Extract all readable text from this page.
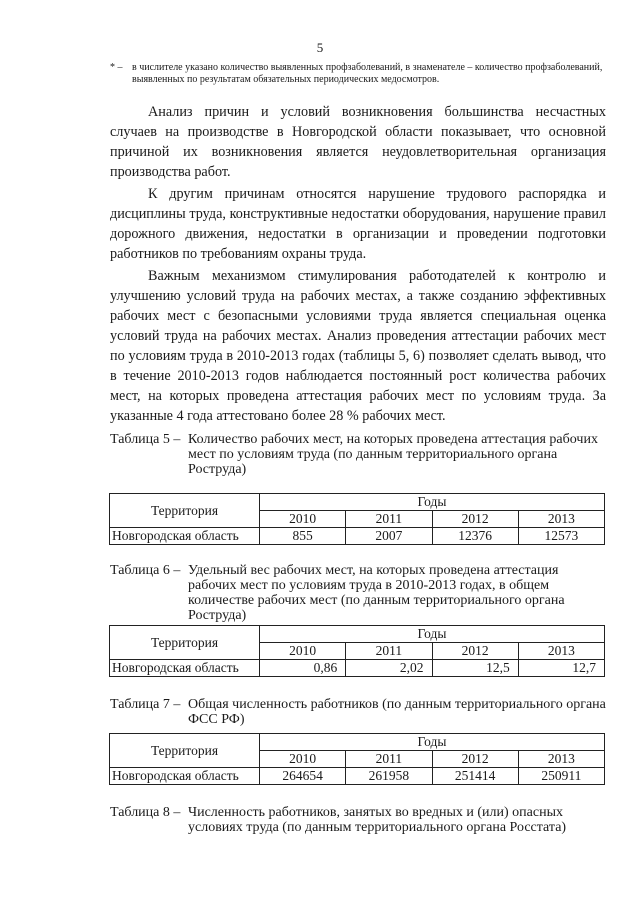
5
* – в числителе указано количество выявленных профзаболеваний, в знаменателе – количество профзаболеваний, выявленных по результатам обязательных периодических медосмотров.

Анализ причин и условий возникновения большинства несчастных случаев на производстве в Новгородской области показывает, что основной причиной их возникновения является неудовлетворительная организация производства работ.

К другим причинам относятся нарушение трудового распорядка и дисциплины труда, конструктивные недостатки оборудования, нарушение правил дорожного движения, недостатки в организации и проведении подготовки работников по требованиям охраны труда.

Важным механизмом стимулирования работодателей к контролю и улучшению условий труда на рабочих местах, а также созданию эффективных рабочих мест с безопасными условиями труда является специальная оценка условий труда на рабочих местах. Анализ проведения аттестации рабочих мест по условиям труда в 2010-2013 годах (таблицы 5, 6) позволяет сделать вывод, что в течение 2010-2013 годов наблюдается постоянный рост количества рабочих мест, на которых проведена аттестация рабочих мест по условиям труда. За указанные 4 года аттестовано более 28 % рабочих мест.

Таблица 5 – Количество рабочих мест, на которых проведена аттестация рабочих мест по условиям труда (по данным территориального органа Роструда)
Территория	Годы			
	2010	2011	2012	2013
Новгородская область	855	2007	12376	12573
Таблица 6 – Удельный вес рабочих мест, на которых проведена аттестация рабочих мест по условиям труда в 2010-2013 годах, в общем количестве рабочих мест (по данным территориального органа Роструда)
Территория	Годы			
	2010	2011	2012	2013
Новгородская область	0,86	2,02	12,5	12,7
Таблица 7 – Общая численность работников (по данным территориального органа ФСС РФ)
Территория	Годы			
	2010	2011	2012	2013
Новгородская область	264654	261958	251414	250911
Таблица 8 – Численность работников, занятых во вредных и (или) опасных условиях труда (по данным территориального органа Росстата)
